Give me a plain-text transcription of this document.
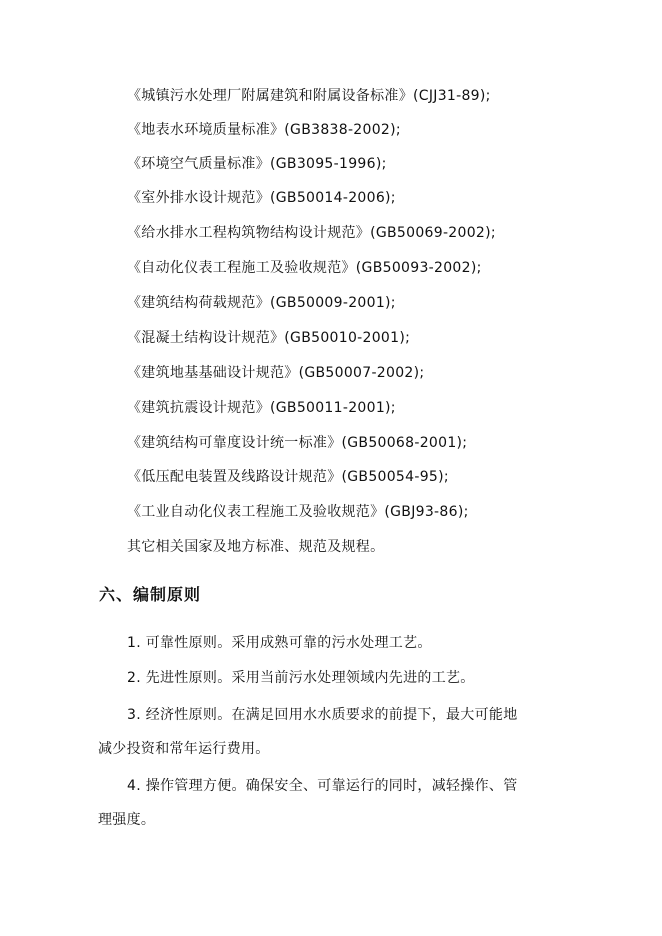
《城镇污水处理厂附属建筑和附属设备标准》(CJJ31-89);
《地表水环境质量标准》(GB3838-2002);
《环境空气质量标准》(GB3095-1996);
《室外排水设计规范》(GB50014-2006);
《给水排水工程构筑物结构设计规范》(GB50069-2002);
《自动化仪表工程施工及验收规范》(GB50093-2002);
《建筑结构荷载规范》(GB50009-2001);
《混凝土结构设计规范》(GB50010-2001);
《建筑地基基础设计规范》(GB50007-2002);
《建筑抗震设计规范》(GB50011-2001);
《建筑结构可靠度设计统一标准》(GB50068-2001);
《低压配电装置及线路设计规范》(GB50054-95);
《工业自动化仪表工程施工及验收规范》(GBJ93-86);
其它相关国家及地方标准、规范及规程。
六、编制原则
1. 可靠性原则。采用成熟可靠的污水处理工艺。
2. 先进性原则。采用当前污水处理领域内先进的工艺。
3. 经济性原则。在满足回用水水质要求的前提下，最大可能地
减少投资和常年运行费用。
4. 操作管理方便。确保安全、可靠运行的同时，减轻操作、管
理强度。
